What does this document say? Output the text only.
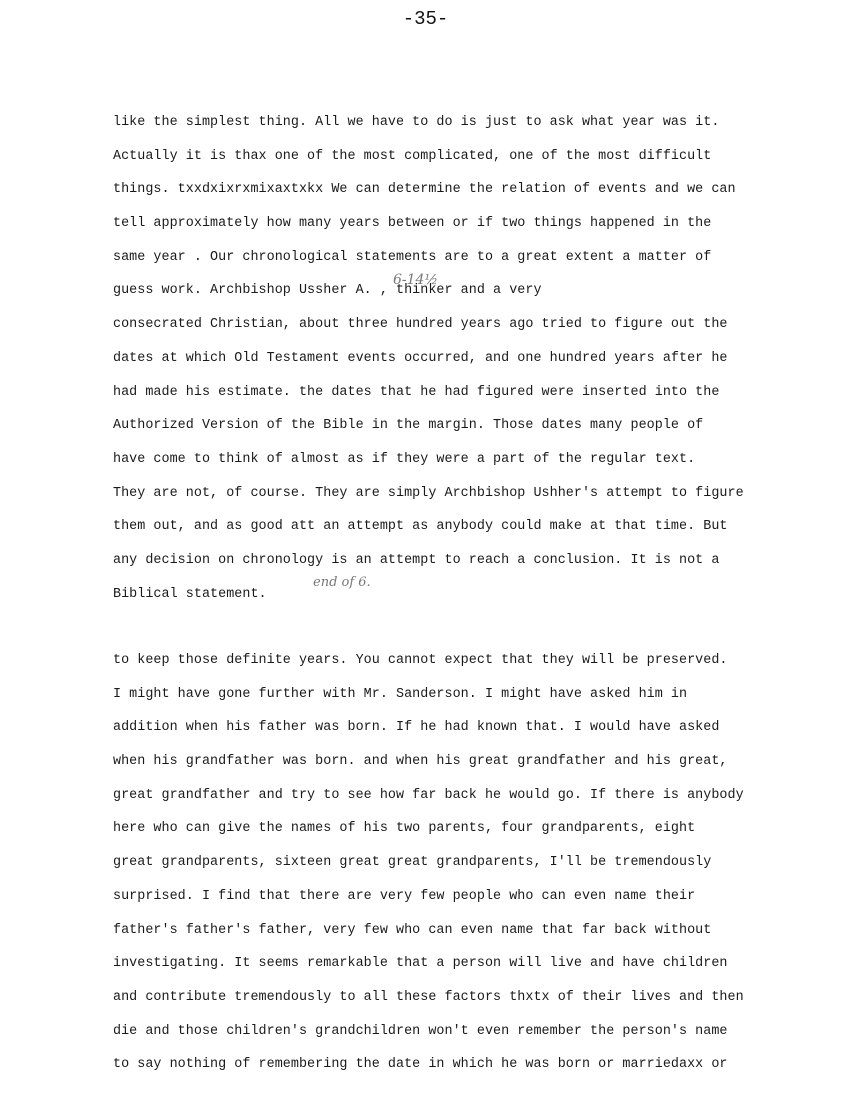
-35-
like the simplest thing. All we have to do is just to ask what year was it.
Actually it is thax one of the most complicated, one of the most difficult
things. txxdxixrxmixaxtxkx We can determine the relation of events and we can
tell approximately how many years between or if two things happened in the
same year . Our chronological statements are to a great extent a matter of
guess work. Archbishop Ussher A. , thinker and a very
consecrated Christian, about three hundred years ago tried to figure out the
dates at which Old Testament events occurred, and one hundred years after he
had made his estimate. the dates that he had figured were inserted into the
Authorized Version of the Bible in the margin. Those dates many people of
have come to think of almost as if they were a part of the regular text.
They are not, of course. They are simply Archbishop Ushher's attempt to figure
them out, and as good att an attempt as anybody could make at that time. But
any decision on chronology is an attempt to reach a conclusion. It is not a
Biblical statement.
6-14½
end of 6.
to keep those definite years. You cannot expect that they will be preserved.
I might have gone further with Mr. Sanderson. I might have asked him in
addition when his father was born. If he had known that. I would have asked
when his grandfather was born. and when his great grandfather and his great,
great grandfather and try to see how far back he would go. If there is anybody
here who can give the names of his two parents, four grandparents, eight
great grandparents, sixteen great great grandparents, I'll be tremendously
surprised. I find that there are very few people who can even name their
father's father's father, very few who can even name that far back without
investigating. It seems remarkable that a person will live and have children
and contribute tremendously to all these factors thxtx of their lives and then
die and those children's grandchildren won't even remember the person's name
to say nothing of remembering the date in which he was born or marriedaxx or
